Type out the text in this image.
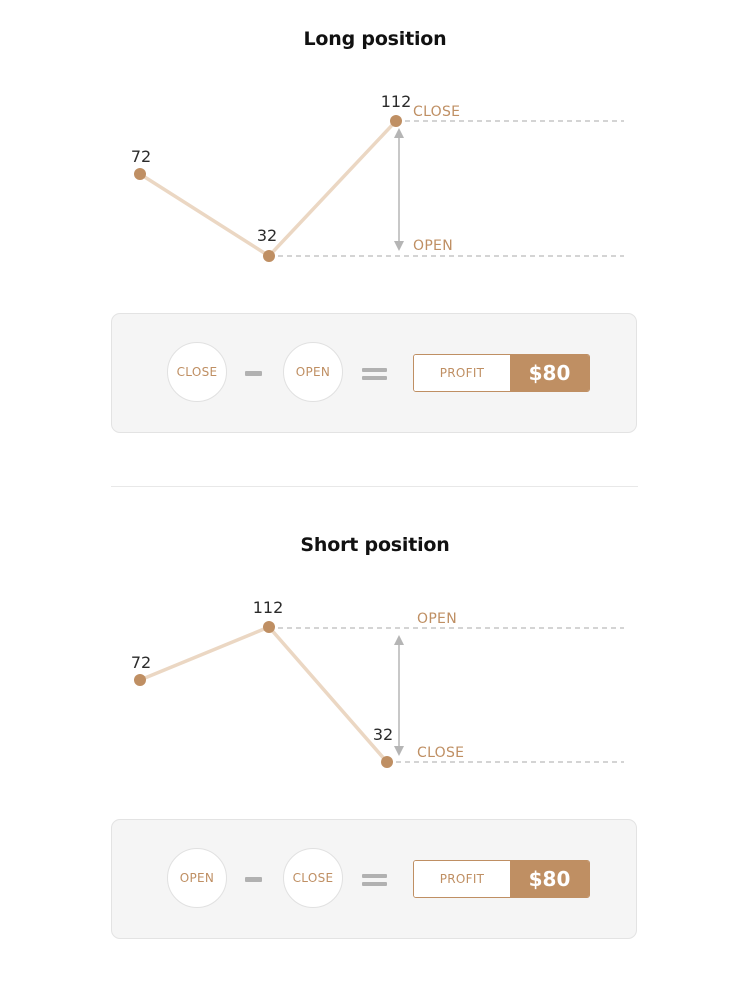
Long position
72
32
112
CLOSE
OPEN
CLOSE	OPEN	PROFIT	$80
Short position
72
112
32
OPEN
CLOSE
OPEN	CLOSE	PROFIT	$80
